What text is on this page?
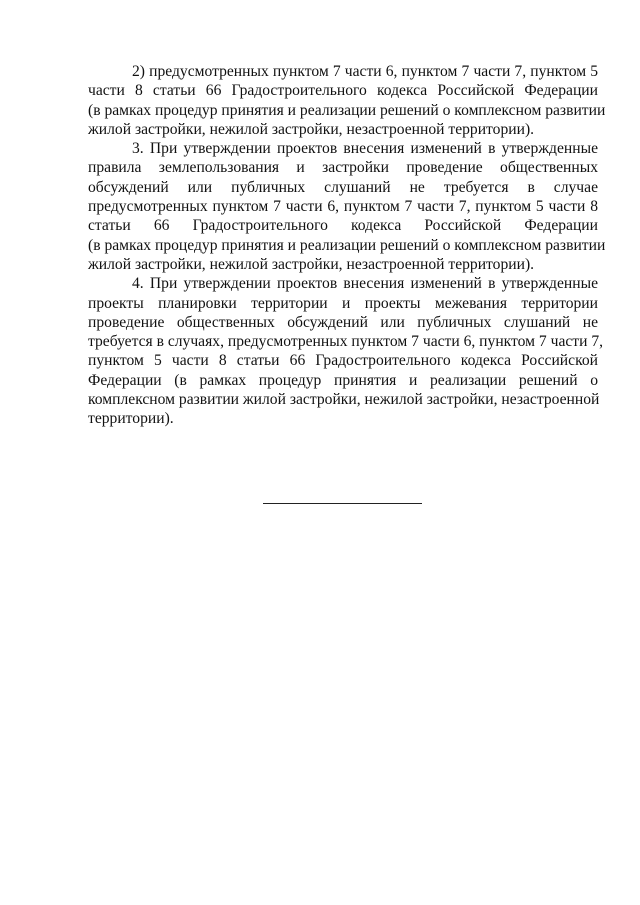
2) предусмотренных пунктом 7 части 6, пунктом 7 части 7, пунктом 5
части 8 статьи 66 Градостроительного кодекса Российской Федерации
(в рамках процедур принятия и реализации решений о комплексном развитии
жилой застройки, нежилой застройки, незастроенной территории).
3. При утверждении проектов внесения изменений в утвержденные
правила землепользования и застройки проведение общественных
обсуждений или публичных слушаний не требуется в случае
предусмотренных пунктом 7 части 6, пунктом 7 части 7, пунктом 5 части 8
статьи 66 Градостроительного кодекса Российской Федерации
(в рамках процедур принятия и реализации решений о комплексном развитии
жилой застройки, нежилой застройки, незастроенной территории).
4. При утверждении проектов внесения изменений в утвержденные
проекты планировки территории и проекты межевания территории
проведение общественных обсуждений или публичных слушаний не
требуется в случаях, предусмотренных пунктом 7 части 6, пунктом 7 части 7,
пунктом 5 части 8 статьи 66 Градостроительного кодекса Российской
Федерации (в рамках процедур принятия и реализации решений о
комплексном развитии жилой застройки, нежилой застройки, незастроенной
территории).
